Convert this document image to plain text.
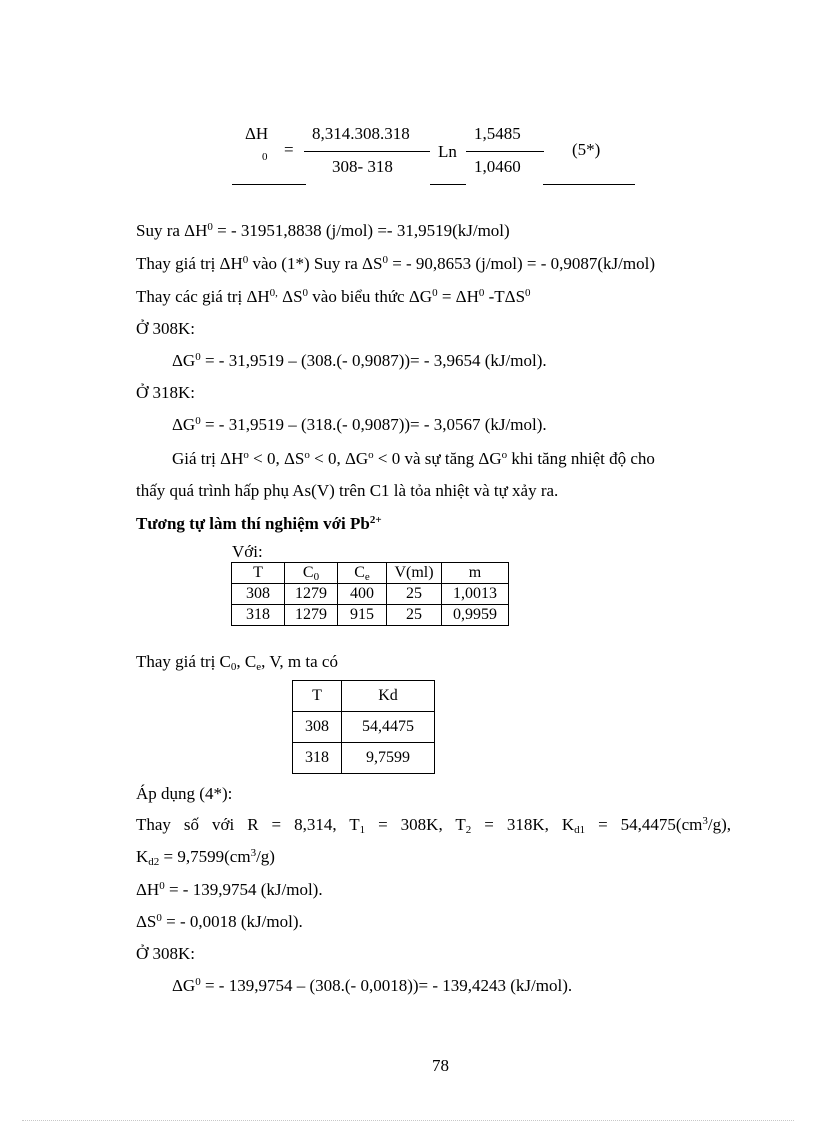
ΔH
0 =
8,314.308.318
308- 318
Ln
1,5485
1,0460
(5*)
Suy ra $\Delta H^0$ = - 31951,8838 (j/mol) =- 31,9519(kJ/mol)
Thay giá trị $\Delta H^0$ vào (1*) Suy ra $\Delta S^0$ = - 90,8653 (j/mol) = - 0,9087(kJ/mol)
Thay các giá trị $\Delta H^{0,}$ $\Delta S^0$ vào biểu thức $\Delta G^0 = \Delta H^0$ -TΔS$^0$
Ở 308K:
$\Delta G^0$ = - 31,9519 – (308.(- 0,9087))= - 3,9654 (kJ/mol).
Ở 318K:
$\Delta G^0$ = - 31,9519 – (318.(- 0,9087))= - 3,0567 (kJ/mol).
Giá trị $\Delta H^o < 0$, $\Delta S^o < 0$, $\Delta G^o < 0$ và sự tăng $\Delta G^o$ khi tăng nhiệt độ cho
thấy quá trình hấp phụ As(V) trên C1 là tỏa nhiệt và tự xảy ra.
Tương tự làm thí nghiệm với $Pb^{2+}$
Với:
T	$C_0$	$C_e$	V(ml)	m
308	1279	400	25	1,0013
318	1279	915	25	0,9959
Thay giá trị $C_0$, $C_e$, V, m ta có
T	Kd
308	54,4475
318	9,7599
Áp dụng (4*):
Thay số với R = 8,314, $T_1 = 308K$, $T_2 = 318K$, $K_{d1} = 54,4475(cm^3/g)$,
$K_{d2} = 9,7599(cm^3/g)$
$\Delta H^0$ = - 139,9754 (kJ/mol).
$\Delta S^0$ = - 0,0018 (kJ/mol).
Ở 308K:
$\Delta G^0$ = - 139,9754 – (308.(- 0,0018))= - 139,4243 (kJ/mol).
78
